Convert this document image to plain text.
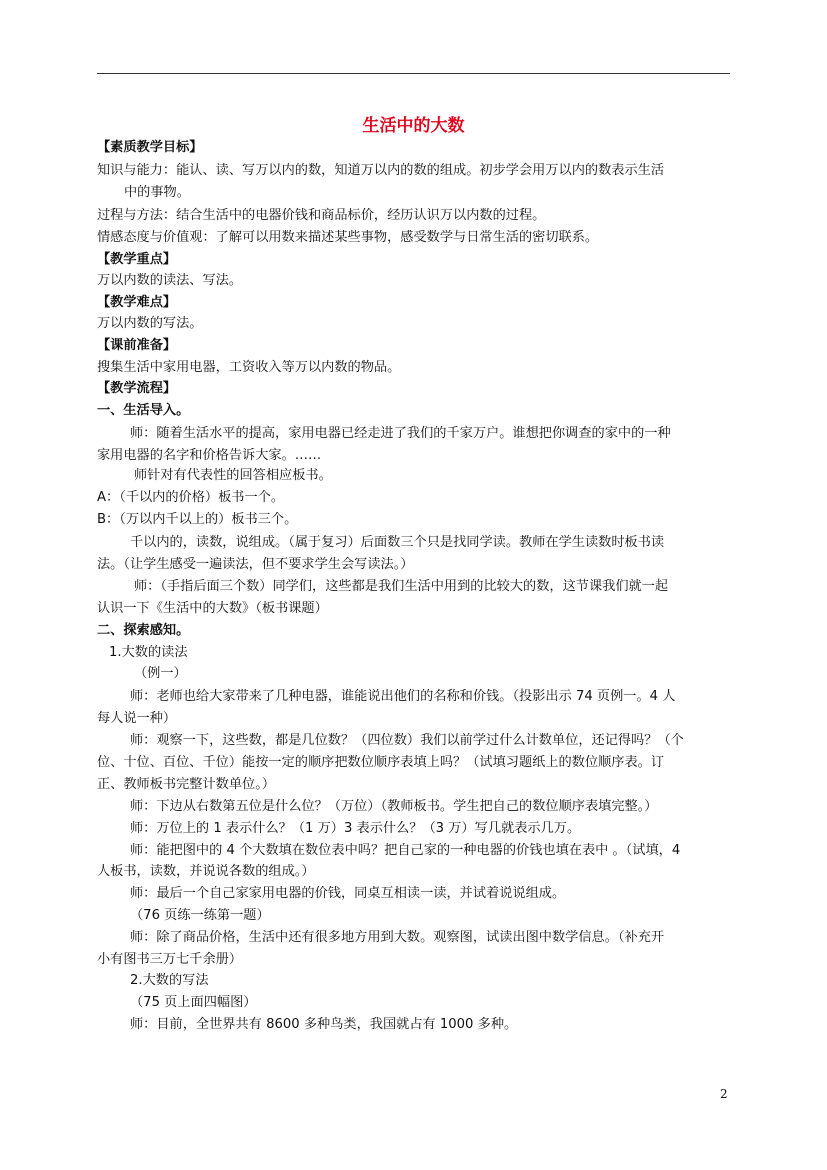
生活中的大数
【素质教学目标】
知识与能力：能认、读、写万以内的数，知道万以内的数的组成。初步学会用万以内的数表示生活
中的事物。
过程与方法：结合生活中的电器价钱和商品标价，经历认识万以内数的过程。
情感态度与价值观：了解可以用数来描述某些事物，感受数学与日常生活的密切联系。
【教学重点】
万以内数的读法、写法。
【教学难点】
万以内数的写法。
【课前准备】
搜集生活中家用电器，工资收入等万以内数的物品。
【教学流程】
一、生活导入。
师：随着生活水平的提高，家用电器已经走进了我们的千家万户。谁想把你调查的家中的一种
家用电器的名字和价格告诉大家。……
师针对有代表性的回答相应板书。
A：（千以内的价格）板书一个。
B：（万以内千以上的）板书三个。
千以内的，读数，说组成。（属于复习）后面数三个只是找同学读。教师在学生读数时板书读
法。（让学生感受一遍读法，但不要求学生会写读法。）
师：（手指后面三个数）同学们，这些都是我们生活中用到的比较大的数，这节课我们就一起
认识一下《生活中的大数》（板书课题）
二、探索感知。
1.大数的读法
（例一）
师：老师也给大家带来了几种电器，谁能说出他们的名称和价钱。（投影出示 74 页例一。4 人
每人说一种）
师：观察一下，这些数，都是几位数？（四位数）我们以前学过什么计数单位，还记得吗？（个
位、十位、百位、千位）能按一定的顺序把数位顺序表填上吗？（试填习题纸上的数位顺序表。订
正、教师板书完整计数单位。）
师：下边从右数第五位是什么位？（万位）（教师板书。学生把自己的数位顺序表填完整。）
师：万位上的 1 表示什么？（1 万）3 表示什么？（3 万）写几就表示几万。
师：能把图中的 4 个大数填在数位表中吗？把自己家的一种电器的价钱也填在表中 。（试填，4
人板书，读数，并说说各数的组成。）
师：最后一个自己家家用电器的价钱，同桌互相读一读，并试着说说组成。
（76 页练一练第一题）
师：除了商品价格，生活中还有很多地方用到大数。观察图，试读出图中数学信息。（补充开
小有图书三万七千余册）
2.大数的写法
（75 页上面四幅图）
师：目前，全世界共有 8600 多种鸟类，我国就占有 1000 多种。
2
